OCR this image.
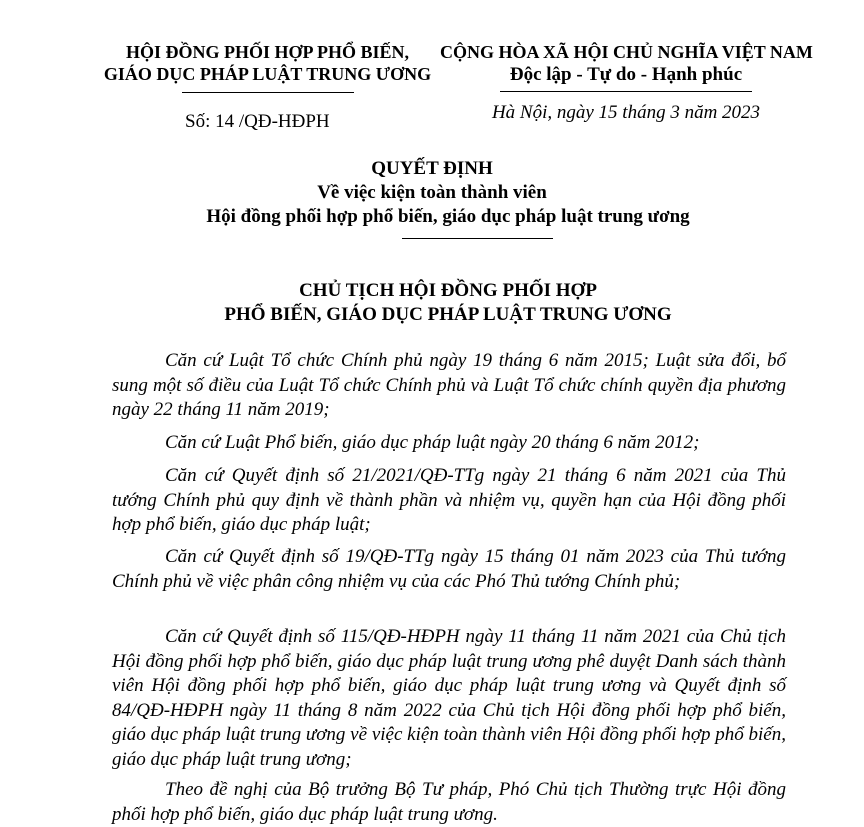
HỘI ĐỒNG PHỐI HỢP PHỔ BIẾN,
GIÁO DỤC PHÁP LUẬT TRUNG ƯƠNG
Số: 14 /QĐ-HĐPH
CỘNG HÒA XÃ HỘI CHỦ NGHĨA VIỆT NAM
Độc lập - Tự do - Hạnh phúc
Hà Nội, ngày 15 tháng 3 năm 2023
QUYẾT ĐỊNH
Về việc kiện toàn thành viên
Hội đồng phối hợp phổ biến, giáo dục pháp luật trung ương
CHỦ TỊCH HỘI ĐỒNG PHỐI HỢP
PHỔ BIẾN, GIÁO DỤC PHÁP LUẬT TRUNG ƯƠNG

Căn cứ Luật Tổ chức Chính phủ ngày 19 tháng 6 năm 2015; Luật sửa đổi, bổ sung một số điều của Luật Tổ chức Chính phủ và Luật Tổ chức chính quyền địa phương ngày 22 tháng 11 năm 2019;

Căn cứ Luật Phổ biến, giáo dục pháp luật ngày 20 tháng 6 năm 2012;

Căn cứ Quyết định số 21/2021/QĐ-TTg ngày 21 tháng 6 năm 2021 của Thủ tướng Chính phủ quy định về thành phần và nhiệm vụ, quyền hạn của Hội đồng phối hợp phổ biến, giáo dục pháp luật;

Căn cứ Quyết định số 19/QĐ-TTg ngày 15 tháng 01 năm 2023 của Thủ tướng Chính phủ về việc phân công nhiệm vụ của các Phó Thủ tướng Chính phủ;

Căn cứ Quyết định số 115/QĐ-HĐPH ngày 11 tháng 11 năm 2021 của Chủ tịch Hội đồng phối hợp phổ biến, giáo dục pháp luật trung ương phê duyệt Danh sách thành viên Hội đồng phối hợp phổ biến, giáo dục pháp luật trung ương và Quyết định số 84/QĐ-HĐPH ngày 11 tháng 8 năm 2022 của Chủ tịch Hội đồng phối hợp phổ biến, giáo dục pháp luật trung ương về việc kiện toàn thành viên Hội đồng phối hợp phổ biến, giáo dục pháp luật trung ương;

Theo đề nghị của Bộ trưởng Bộ Tư pháp, Phó Chủ tịch Thường trực Hội đồng phối hợp phổ biến, giáo dục pháp luật trung ương.
